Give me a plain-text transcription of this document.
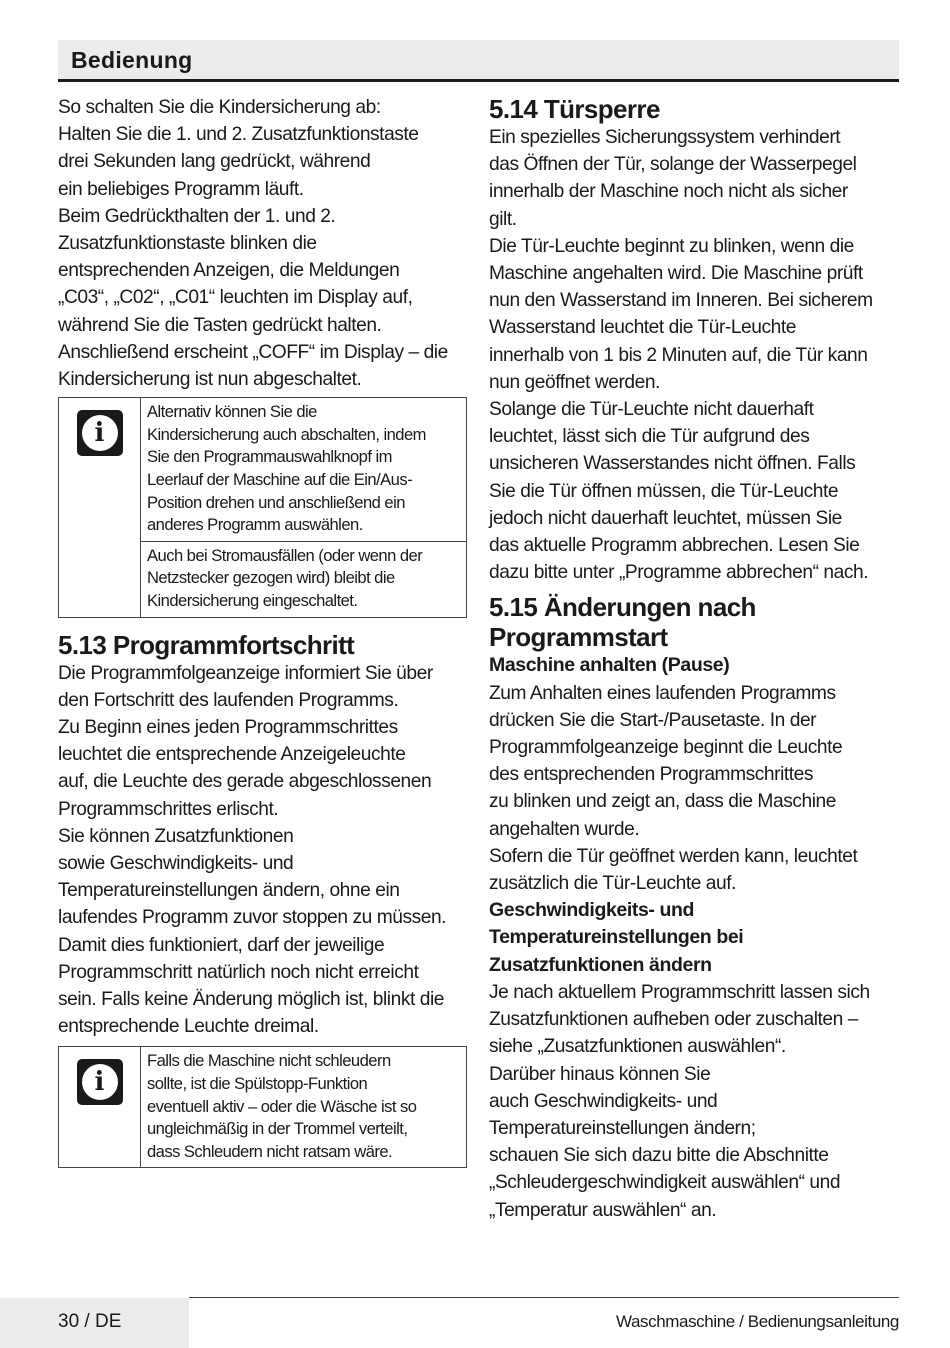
Bedienung

So schalten Sie die Kindersicherung ab:

Halten Sie die 1. und 2. Zusatzfunktionstaste

drei Sekunden lang gedrückt, während

ein beliebiges Programm läuft.

Beim Gedrückthalten der 1. und 2.

Zusatzfunktionstaste blinken die

entsprechenden Anzeigen, die Meldungen

„C03“, „C02“, „C01“ leuchten im Display auf,

während Sie die Tasten gedrückt halten.

Anschließend erscheint „COFF“ im Display – die

Kindersicherung ist nun abgeschaltet.

i
Alternativ können Sie die
Kindersicherung auch abschalten, indem
Sie den Programmauswahlknopf im
Leerlauf der Maschine auf die Ein/Aus-
Position drehen und anschließend ein
anderes Programm auswählen.
Auch bei Stromausfällen (oder wenn der
Netzstecker gezogen wird) bleibt die
Kindersicherung eingeschaltet.

5.13 Programmfortschritt

Die Programmfolgeanzeige informiert Sie über

den Fortschritt des laufenden Programms.

Zu Beginn eines jeden Programmschrittes

leuchtet die entsprechende Anzeigeleuchte

auf, die Leuchte des gerade abgeschlossenen

Programmschrittes erlischt.

Sie können Zusatzfunktionen

sowie Geschwindigkeits- und

Temperatureinstellungen ändern, ohne ein

laufendes Programm zuvor stoppen zu müssen.

Damit dies funktioniert, darf der jeweilige

Programmschritt natürlich noch nicht erreicht

sein. Falls keine Änderung möglich ist, blinkt die

entsprechende Leuchte dreimal.

i
Falls die Maschine nicht schleudern
sollte, ist die Spülstopp-Funktion
eventuell aktiv – oder die Wäsche ist so
ungleichmäßig in der Trommel verteilt,
dass Schleudern nicht ratsam wäre.

5.14 Türsperre

Ein spezielles Sicherungssystem verhindert

das Öffnen der Tür, solange der Wasserpegel

innerhalb der Maschine noch nicht als sicher

gilt.

Die Tür-Leuchte beginnt zu blinken, wenn die

Maschine angehalten wird. Die Maschine prüft

nun den Wasserstand im Inneren. Bei sicherem

Wasserstand leuchtet die Tür-Leuchte

innerhalb von 1 bis 2 Minuten auf, die Tür kann

nun geöffnet werden.

Solange die Tür-Leuchte nicht dauerhaft

leuchtet, lässt sich die Tür aufgrund des

unsicheren Wasserstandes nicht öffnen. Falls

Sie die Tür öffnen müssen, die Tür-Leuchte

jedoch nicht dauerhaft leuchtet, müssen Sie

das aktuelle Programm abbrechen. Lesen Sie

dazu bitte unter „Programme abbrechen“ nach.

5.15 Änderungen nach

Programmstart

Maschine anhalten (Pause)

Zum Anhalten eines laufenden Programms

drücken Sie die Start-/Pausetaste. In der

Programmfolgeanzeige beginnt die Leuchte

des entsprechenden Programmschrittes

zu blinken und zeigt an, dass die Maschine

angehalten wurde.

Sofern die Tür geöffnet werden kann, leuchtet

zusätzlich die Tür-Leuchte auf.

Geschwindigkeits- und

Temperatureinstellungen bei

Zusatzfunktionen ändern

Je nach aktuellem Programmschritt lassen sich

Zusatzfunktionen aufheben oder zuschalten –

siehe „Zusatzfunktionen auswählen“.

Darüber hinaus können Sie

auch Geschwindigkeits- und

Temperatureinstellungen ändern;

schauen Sie sich dazu bitte die Abschnitte

„Schleudergeschwindigkeit auswählen“ und

„Temperatur auswählen“ an.

30 / DE	Waschmaschine / Bedienungsanleitung
